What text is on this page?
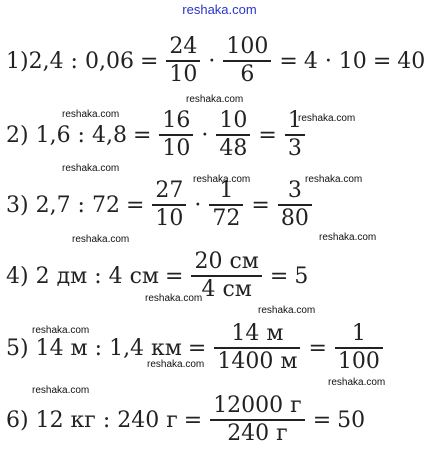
reshaka.com
1)2,4 : $0,06 = \frac{24}{10} \cdot \frac{100}{6} = 4 \cdot 10 = 40$
2) 1,6 : $4,8 = \frac{16}{10} \cdot \frac{10}{48} = \frac{1}{3}$
3) 2,7 : $72 = \frac{27}{10} \cdot \frac{1}{72} = \frac{3}{80}$
4) 2 дм : 4 см = $\frac{20 см}{4 см} = 5$
5) 14 м : 1,4 км = $\frac{14 м}{1400 м} = \frac{1}{100}$
6) 12 кг : 240 $г = \frac{12000 г}{240 г} = 50$
reshaka.com
reshaka.com
reshaka.com
reshaka.com
reshaka.com	reshaka.com
reshaka.com	reshaka.com
reshaka.com
reshaka.com
reshaka.com
reshaka.com
reshaka.com
reshaka.com
